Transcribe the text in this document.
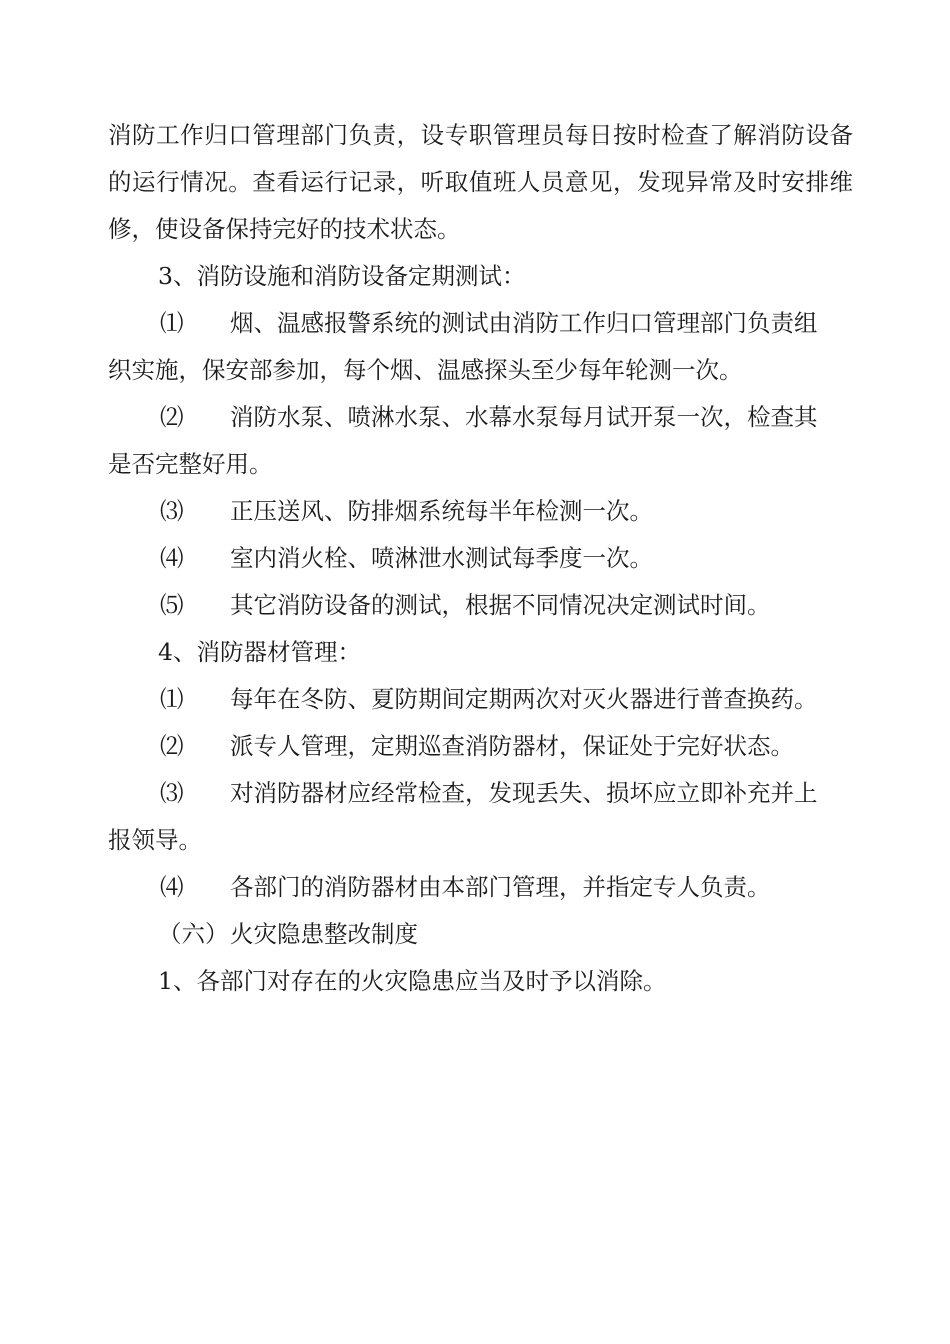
消防工作归口管理部门负责，设专职管理员每日按时检查了解消防设备
的运行情况。查看运行记录，听取值班人员意见，发现异常及时安排维
修，使设备保持完好的技术状态。
3、消防设施和消防设备定期测试：
⑴ 烟、温感报警系统的测试由消防工作归口管理部门负责组
织实施，保安部参加，每个烟、温感探头至少每年轮测一次。
⑵ 消防水泵、喷淋水泵、水幕水泵每月试开泵一次，检查其
是否完整好用。
⑶ 正压送风、防排烟系统每半年检测一次。
⑷ 室内消火栓、喷淋泄水测试每季度一次。
⑸ 其它消防设备的测试，根据不同情况决定测试时间。
4、消防器材管理：
⑴ 每年在冬防、夏防期间定期两次对灭火器进行普查换药。
⑵ 派专人管理，定期巡查消防器材，保证处于完好状态。
⑶ 对消防器材应经常检查，发现丢失、损坏应立即补充并上
报领导。
⑷ 各部门的消防器材由本部门管理，并指定专人负责。
（六） 火灾隐患整改制度
1、各部门对存在的火灾隐患应当及时予以消除。
